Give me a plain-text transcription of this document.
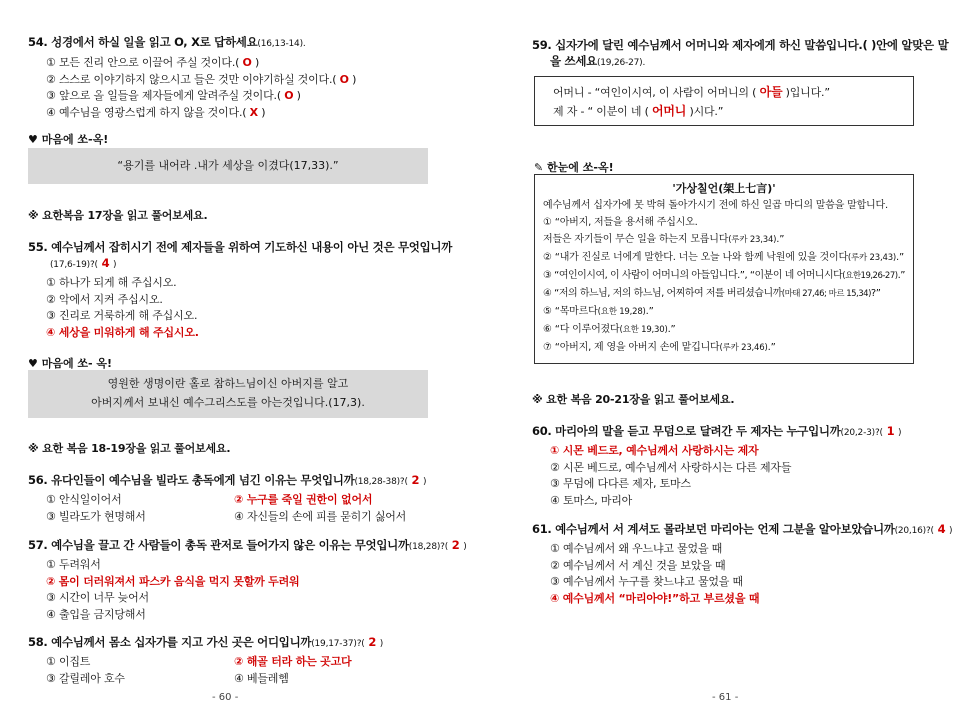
54. 성경에서 하실 일을 읽고 O, X로 답하세요(16,13-14).
① 모든 진리 안으로 이끌어 주실 것이다.( O )
② 스스로 이야기하지 않으시고 들은 것만 이야기하실 것이다.( O )
③ 앞으로 올 일들을 제자들에게 알려주실 것이다.( O )
④ 예수님을 영광스럽게 하지 않을 것이다.( X )
♥ 마음에 쏘-옥!
“용기를 내어라 .내가 세상을 이겼다(17,33).”
※ 요한복음 17장을 읽고 풀어보세요.
55. 예수님께서 잡히시기 전에 제자들을 위하여 기도하신 내용이 아닌 것은 무엇입니까
(17,6-19)?( 4 )
① 하나가 되게 해 주십시오.
② 악에서 지켜 주십시오.
③ 진리로 거룩하게 해 주십시오.
④ 세상을 미워하게 해 주십시오.
♥ 마음에 쏘- 옥!
영원한 생명이란 홀로 참하느님이신 아버지를 알고
아버지께서 보내신 예수그리스도를 아는것입니다.(17,3).
※ 요한 복음 18-19장을 읽고 풀어보세요.
56. 유다인들이 예수님을 빌라도 총독에게 넘긴 이유는 무엇입니까(18,28-38)?( 2 )
① 안식일이어서	② 누구를 죽일 권한이 없어서
③ 빌라도가 현명해서	④ 자신들의 손에 피를 묻히기 싫어서
57. 예수님을 끌고 간 사람들이 총독 관저로 들어가지 않은 이유는 무엇입니까(18,28)?( 2 )
① 두려워서
② 몸이 더러워져서 파스카 음식을 먹지 못할까 두려워
③ 시간이 너무 늦어서
④ 출입을 금지당해서
58. 예수님께서 몸소 십자가를 지고 가신 곳은 어디입니까(19,17-37)?( 2 )
① 이집트	② 해골 터라 하는 곳고다
③ 갈릴레아 호수	④ 베들레헴
- 60 -
59. 십자가에 달린 예수님께서 어머니와 제자에게 하신 말씀입니다.( )안에 알맞은 말
을 쓰세요(19,26-27).
어머니 - “여인이시여, 이 사람이 어머니의 ( 아들 )입니다.”
제 자 - “ 이분이 네 ( 어머니 )시다.”
✎ 한눈에 쏘-옥!
'가상칠언(架上七言)'
예수님께서 십자가에 못 박혀 돌아가시기 전에 하신 일곱 마디의 말씀을 말합니다.
① “아버지, 저들을 용서해 주십시오.
저들은 자기들이 무슨 일을 하는지 모릅니다(루카 23,34).”
② “내가 진실로 너에게 말한다. 너는 오늘 나와 함께 낙원에 있을 것이다(루카 23,43).”
③ “여인이시여, 이 사람이 어머니의 아들입니다.”, “이분이 네 어머니시다(요한19,26-27).”
④ “저의 하느님, 저의 하느님, 어찌하여 저를 버리셨습니까(마태 27,46; 마르 15,34)?”
⑤ “목마르다(요한 19,28).”
⑥ “다 이루어졌다(요한 19,30).”
⑦ “아버지, 제 영을 아버지 손에 맡깁니다(루카 23,46).”
※ 요한 복음 20-21장을 읽고 풀어보세요.
60. 마리아의 말을 듣고 무덤으로 달려간 두 제자는 누구입니까(20,2-3)?( 1 )
① 시몬 베드로, 예수님께서 사랑하시는 제자
② 시몬 베드로, 예수님께서 사랑하시는 다른 제자들
③ 무덤에 다다른 제자, 토마스
④ 토마스, 마리아
61. 예수님께서 서 계셔도 몰라보던 마리아는 언제 그분을 알아보았습니까(20,16)?( 4 )
① 예수님께서 왜 우느냐고 물었을 때
② 예수님께서 서 계신 것을 보았을 때
③ 예수님께서 누구를 찾느냐고 물었을 때
④ 예수님께서 “마리아야!”하고 부르셨을 때
- 61 -
